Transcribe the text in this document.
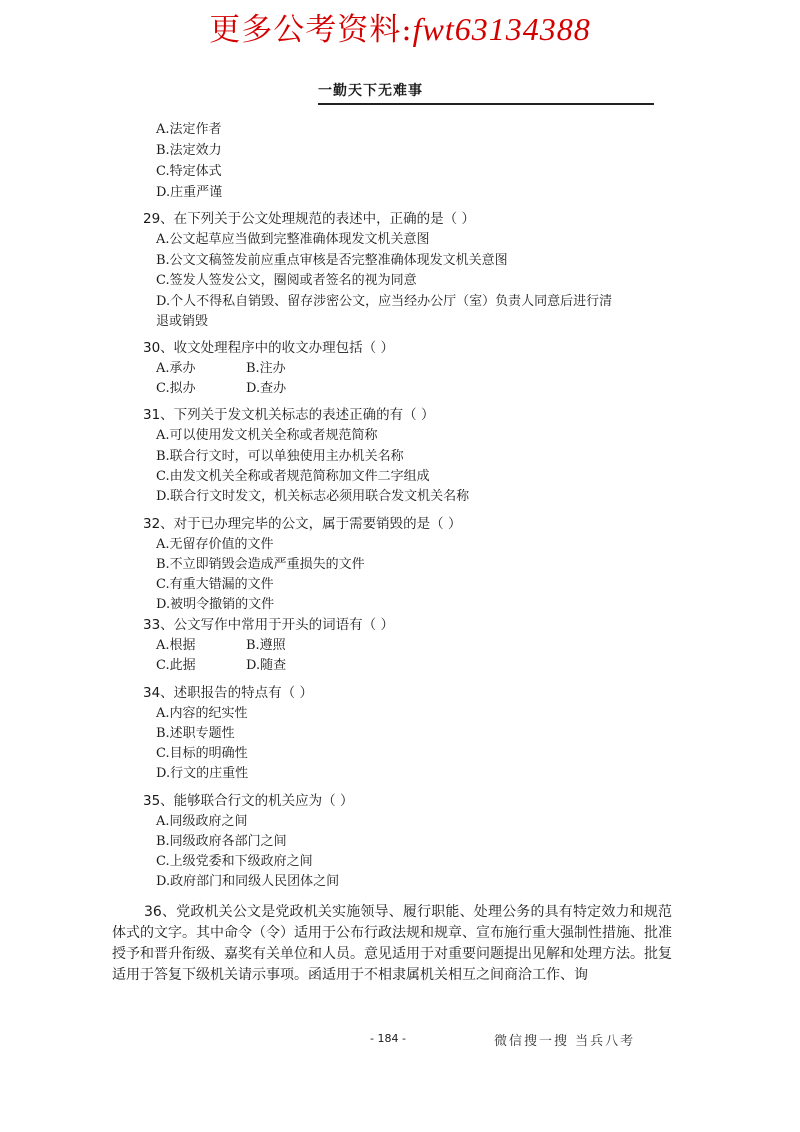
更多公考资料:fwt63134388
一勤天下无难事
A.法定作者
B.法定效力
C.特定体式
D.庄重严谨
29、在下列关于公文处理规范的表述中，正确的是（ ）
A.公文起草应当做到完整准确体现发文机关意图
B.公文文稿签发前应重点审核是否完整准确体现发文机关意图
C.签发人签发公文，圈阅或者签名的视为同意
D.个人不得私自销毁、留存涉密公文，应当经办公厅（室）负责人同意后进行清
退或销毁
30、收文处理程序中的收文办理包括（ ）
A.承办	B.注办
C.拟办	D.查办
31、下列关于发文机关标志的表述正确的有（ ）
A.可以使用发文机关全称或者规范简称
B.联合行文时，可以单独使用主办机关名称
C.由发文机关全称或者规范简称加文件二字组成
D.联合行文时发文，机关标志必须用联合发文机关名称
32、对于已办理完毕的公文，属于需要销毁的是（ ）
A.无留存价值的文件
B.不立即销毁会造成严重损失的文件
C.有重大错漏的文件
D.被明令撤销的文件
33、公文写作中常用于开头的词语有（ ）
A.根据	B.遵照
C.此据	D.随查
34、述职报告的特点有（ ）
A.内容的纪实性
B.述职专题性
C.目标的明确性
D.行文的庄重性
35、能够联合行文的机关应为（ ）
A.同级政府之间
B.同级政府各部门之间
C.上级党委和下级政府之间
D.政府部门和同级人民团体之间
36、党政机关公文是党政机关实施领导、履行职能、处理公务的具有特定效力和规范体式的文字。其中命令（令）适用于公布行政法规和规章、宣布施行重大强制性措施、批准授予和晋升衔级、嘉奖有关单位和人员。意见适用于对重要问题提出见解和处理方法。批复适用于答复下级机关请示事项。函适用于不相隶属机关相互之间商洽工作、询
- 184 -	微信搜一搜 当兵八考
